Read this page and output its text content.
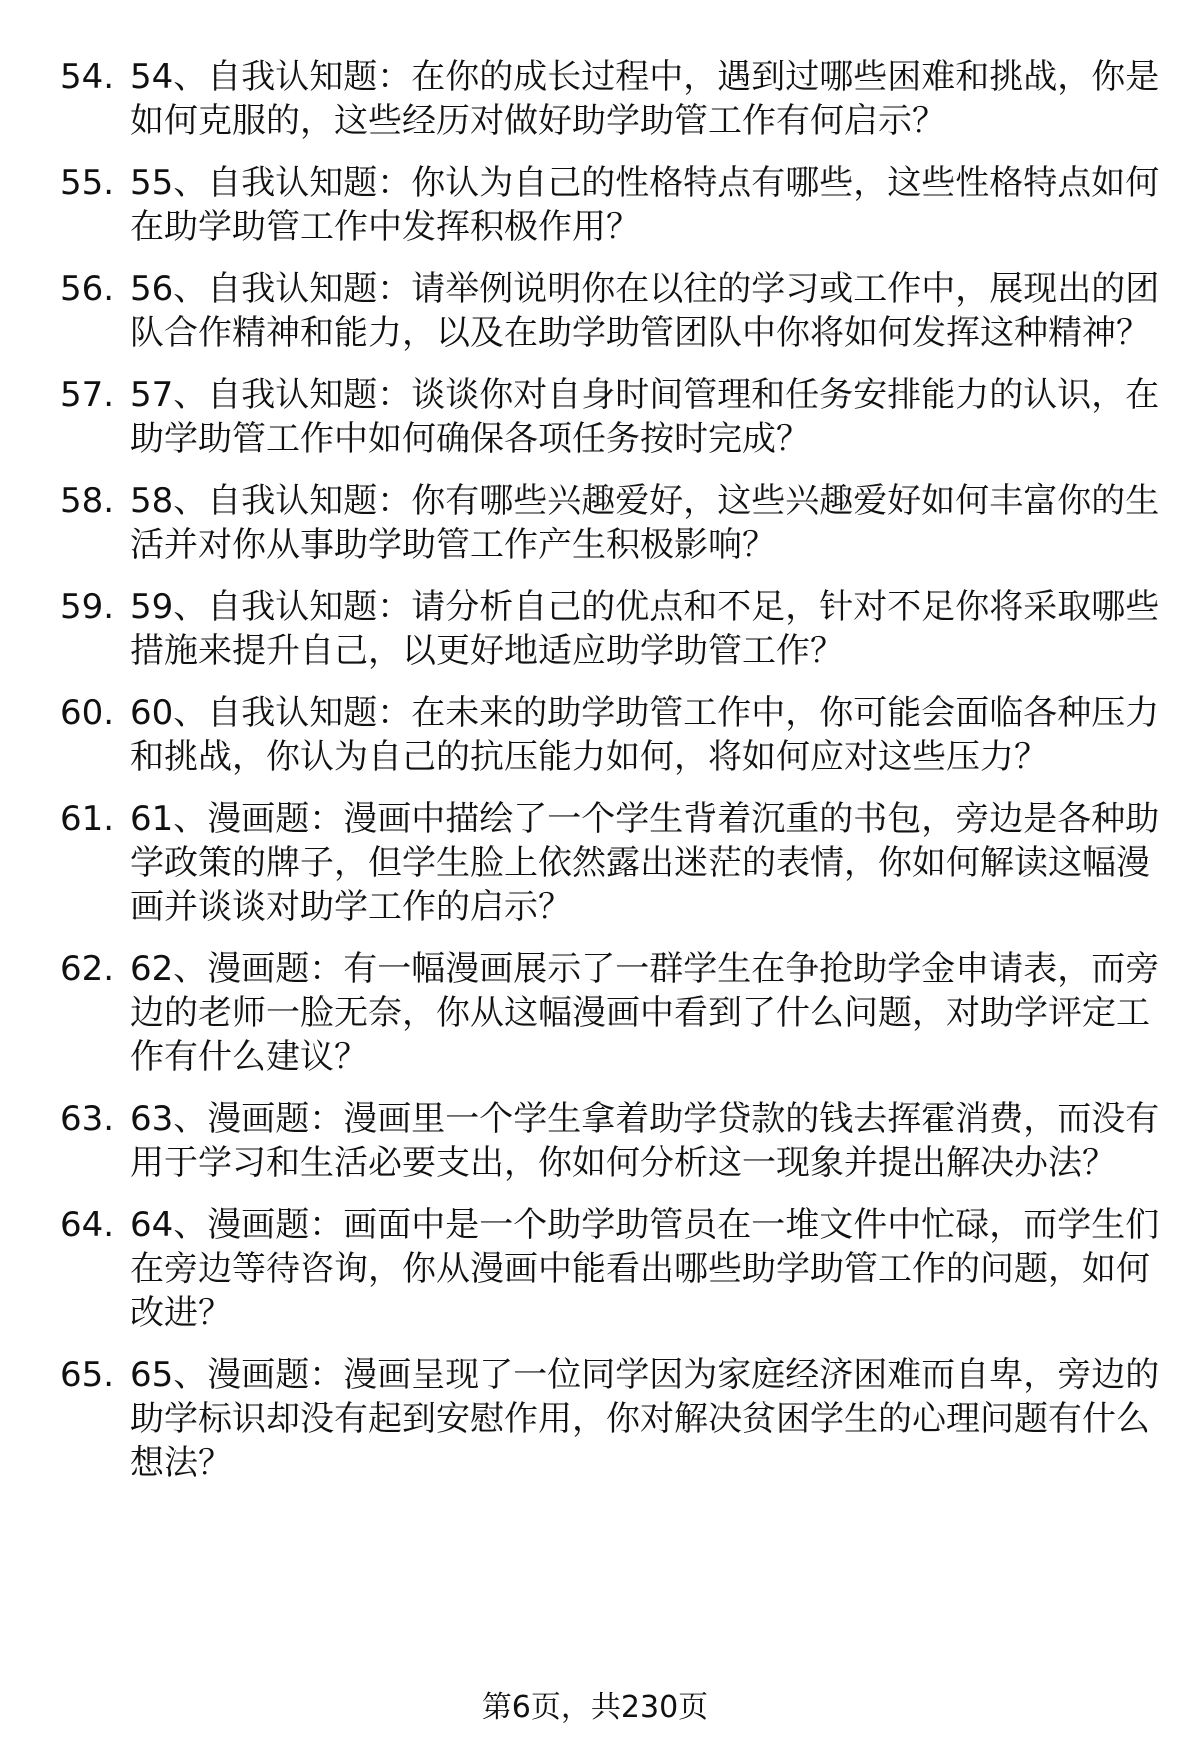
54. 54、自我认知题：在你的成长过程中，遇到过哪些困难和挑战，你是如何克服的，这些经历对做好助学助管工作有何启示？
55. 55、自我认知题：你认为自己的性格特点有哪些，这些性格特点如何在助学助管工作中发挥积极作用？
56. 56、自我认知题：请举例说明你在以往的学习或工作中，展现出的团队合作精神和能力，以及在助学助管团队中你将如何发挥这种精神？
57. 57、自我认知题：谈谈你对自身时间管理和任务安排能力的认识，在助学助管工作中如何确保各项任务按时完成？
58. 58、自我认知题：你有哪些兴趣爱好，这些兴趣爱好如何丰富你的生活并对你从事助学助管工作产生积极影响？
59. 59、自我认知题：请分析自己的优点和不足，针对不足你将采取哪些措施来提升自己，以更好地适应助学助管工作？
60. 60、自我认知题：在未来的助学助管工作中，你可能会面临各种压力和挑战，你认为自己的抗压能力如何，将如何应对这些压力？
61. 61、漫画题：漫画中描绘了一个学生背着沉重的书包，旁边是各种助学政策的牌子，但学生脸上依然露出迷茫的表情，你如何解读这幅漫画并谈谈对助学工作的启示？
62. 62、漫画题：有一幅漫画展示了一群学生在争抢助学金申请表，而旁边的老师一脸无奈，你从这幅漫画中看到了什么问题，对助学评定工作有什么建议？
63. 63、漫画题：漫画里一个学生拿着助学贷款的钱去挥霍消费，而没有用于学习和生活必要支出，你如何分析这一现象并提出解决办法？
64. 64、漫画题：画面中是一个助学助管员在一堆文件中忙碌，而学生们在旁边等待咨询，你从漫画中能看出哪些助学助管工作的问题，如何改进？
65. 65、漫画题：漫画呈现了一位同学因为家庭经济困难而自卑，旁边的助学标识却没有起到安慰作用，你对解决贫困学生的心理问题有什么想法？
第6页，共230页
